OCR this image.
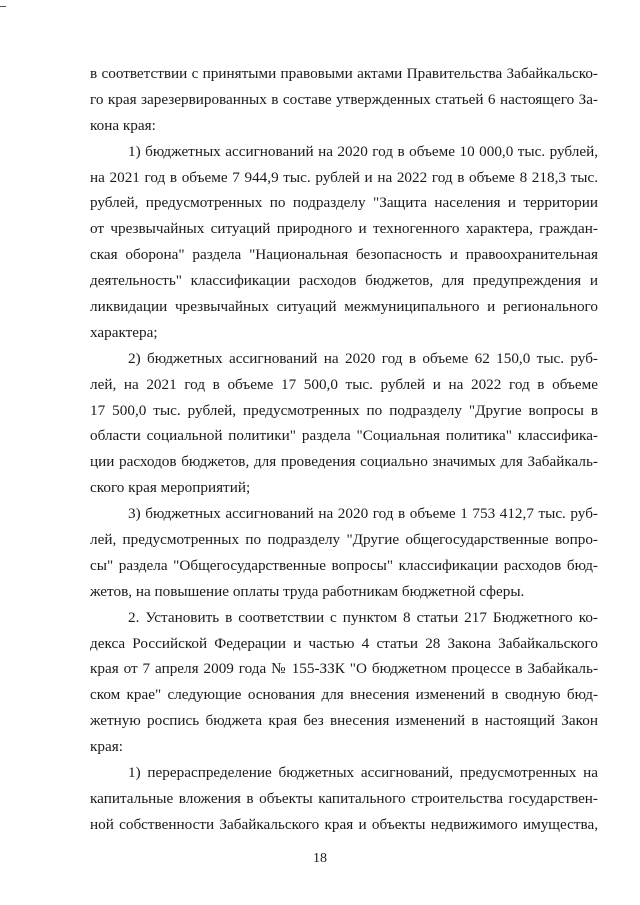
в соответствии с принятыми правовыми актами Правительства Забайкальско-
го края зарезервированных в составе утвержденных статьей 6 настоящего За-
кона края:
1) бюджетных ассигнований на 2020 год в объеме 10 000,0 тыс. рублей,
на 2021 год в объеме 7 944,9 тыс. рублей и на 2022 год в объеме 8 218,3 тыс.
рублей, предусмотренных по подразделу "Защита населения и территории
от чрезвычайных ситуаций природного и техногенного характера, граждан-
ская оборона" раздела "Национальная безопасность и правоохранительная
деятельность" классификации расходов бюджетов, для предупреждения и
ликвидации чрезвычайных ситуаций межмуниципального и регионального
характера;
2) бюджетных ассигнований на 2020 год в объеме 62 150,0 тыс. руб-
лей, на 2021 год в объеме 17 500,0 тыс. рублей и на 2022 год в объеме
17 500,0 тыс. рублей, предусмотренных по подразделу "Другие вопросы в
области социальной политики" раздела "Социальная политика" классифика-
ции расходов бюджетов, для проведения социально значимых для Забайкаль-
ского края мероприятий;
3) бюджетных ассигнований на 2020 год в объеме 1 753 412,7 тыс. руб-
лей, предусмотренных по подразделу "Другие общегосударственные вопро-
сы" раздела "Общегосударственные вопросы" классификации расходов бюд-
жетов, на повышение оплаты труда работникам бюджетной сферы.
2. Установить в соответствии с пунктом 8 статьи 217 Бюджетного ко-
декса Российской Федерации и частью 4 статьи 28 Закона Забайкальского
края от 7 апреля 2009 года № 155-ЗЗК "О бюджетном процессе в Забайкаль-
ском крае" следующие основания для внесения изменений в сводную бюд-
жетную роспись бюджета края без внесения изменений в настоящий Закон
края:
1) перераспределение бюджетных ассигнований, предусмотренных на
капитальные вложения в объекты капитального строительства государствен-
ной собственности Забайкальского края и объекты недвижимого имущества,
18
